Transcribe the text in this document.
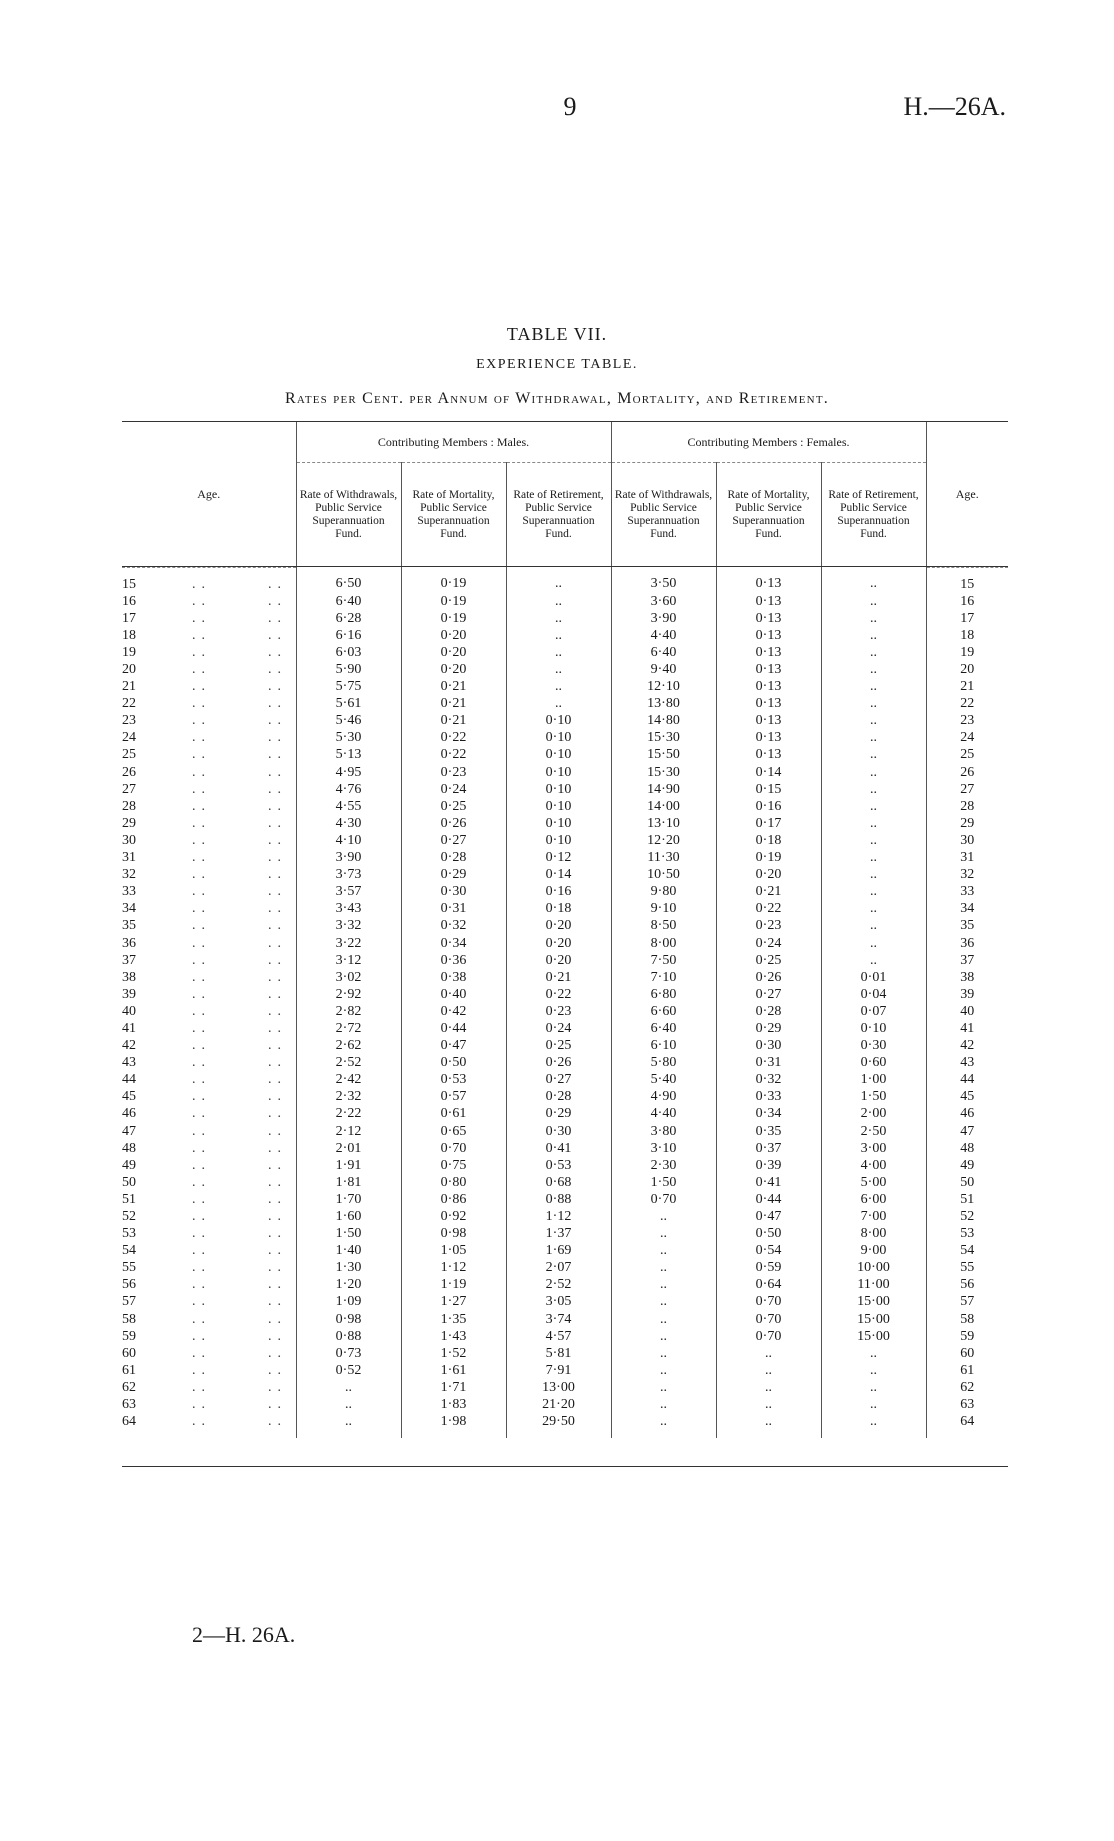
9	H.—26A.
TABLE VII.
EXPERIENCE TABLE.
Rates per Cent. per Annum of Withdrawal, Mortality, and Retirement.
Age.	Contributing Members : Males.			Contributing Members : Females.			Age.
	Rate of Withdrawals, Public Service Superannuation Fund.	Rate of Mortality, Public Service Superannuation Fund.	Rate of Retirement, Public Service Superannuation Fund.	Rate of Withdrawals, Public Service Superannuation Fund.	Rate of Mortality, Public Service Superannuation Fund.	Rate of Retirement, Public Service Superannuation Fund.	
15 .. ..	6·50	0·19	..	3·50	0·13	..	15
16 .. ..	6·40	0·19	..	3·60	0·13	..	16
17 .. ..	6·28	0·19	..	3·90	0·13	..	17
18 .. ..	6·16	0·20	..	4·40	0·13	..	18
19 .. ..	6·03	0·20	..	6·40	0·13	..	19
20 .. ..	5·90	0·20	..	9·40	0·13	..	20
21 .. ..	5·75	0·21	..	12·10	0·13	..	21
22 .. ..	5·61	0·21	..	13·80	0·13	..	22
23 .. ..	5·46	0·21	0·10	14·80	0·13	..	23
24 .. ..	5·30	0·22	0·10	15·30	0·13	..	24
25 .. ..	5·13	0·22	0·10	15·50	0·13	..	25
26 .. ..	4·95	0·23	0·10	15·30	0·14	..	26
27 .. ..	4·76	0·24	0·10	14·90	0·15	..	27
28 .. ..	4·55	0·25	0·10	14·00	0·16	..	28
29 .. ..	4·30	0·26	0·10	13·10	0·17	..	29
30 .. ..	4·10	0·27	0·10	12·20	0·18	..	30
31 .. ..	3·90	0·28	0·12	11·30	0·19	..	31
32 .. ..	3·73	0·29	0·14	10·50	0·20	..	32
33 .. ..	3·57	0·30	0·16	9·80	0·21	..	33
34 .. ..	3·43	0·31	0·18	9·10	0·22	..	34
35 .. ..	3·32	0·32	0·20	8·50	0·23	..	35
36 .. ..	3·22	0·34	0·20	8·00	0·24	..	36
37 .. ..	3·12	0·36	0·20	7·50	0·25	..	37
38 .. ..	3·02	0·38	0·21	7·10	0·26	0·01	38
39 .. ..	2·92	0·40	0·22	6·80	0·27	0·04	39
40 .. ..	2·82	0·42	0·23	6·60	0·28	0·07	40
41 .. ..	2·72	0·44	0·24	6·40	0·29	0·10	41
42 .. ..	2·62	0·47	0·25	6·10	0·30	0·30	42
43 .. ..	2·52	0·50	0·26	5·80	0·31	0·60	43
44 .. ..	2·42	0·53	0·27	5·40	0·32	1·00	44
45 .. ..	2·32	0·57	0·28	4·90	0·33	1·50	45
46 .. ..	2·22	0·61	0·29	4·40	0·34	2·00	46
47 .. ..	2·12	0·65	0·30	3·80	0·35	2·50	47
48 .. ..	2·01	0·70	0·41	3·10	0·37	3·00	48
49 .. ..	1·91	0·75	0·53	2·30	0·39	4·00	49
50 .. ..	1·81	0·80	0·68	1·50	0·41	5·00	50
51 .. ..	1·70	0·86	0·88	0·70	0·44	6·00	51
52 .. ..	1·60	0·92	1·12	..	0·47	7·00	52
53 .. ..	1·50	0·98	1·37	..	0·50	8·00	53
54 .. ..	1·40	1·05	1·69	..	0·54	9·00	54
55 .. ..	1·30	1·12	2·07	..	0·59	10·00	55
56 .. ..	1·20	1·19	2·52	..	0·64	11·00	56
57 .. ..	1·09	1·27	3·05	..	0·70	15·00	57
58 .. ..	0·98	1·35	3·74	..	0·70	15·00	58
59 .. ..	0·88	1·43	4·57	..	0·70	15·00	59
60 .. ..	0·73	1·52	5·81	..	..	..	60
61 .. ..	0·52	1·61	7·91	..	..	..	61
62 .. ..	..	1·71	13·00	..	..	..	62
63 .. ..	..	1·83	21·20	..	..	..	63
64 .. ..	..	1·98	29·50	..	..	..	64
2—H. 26A.
